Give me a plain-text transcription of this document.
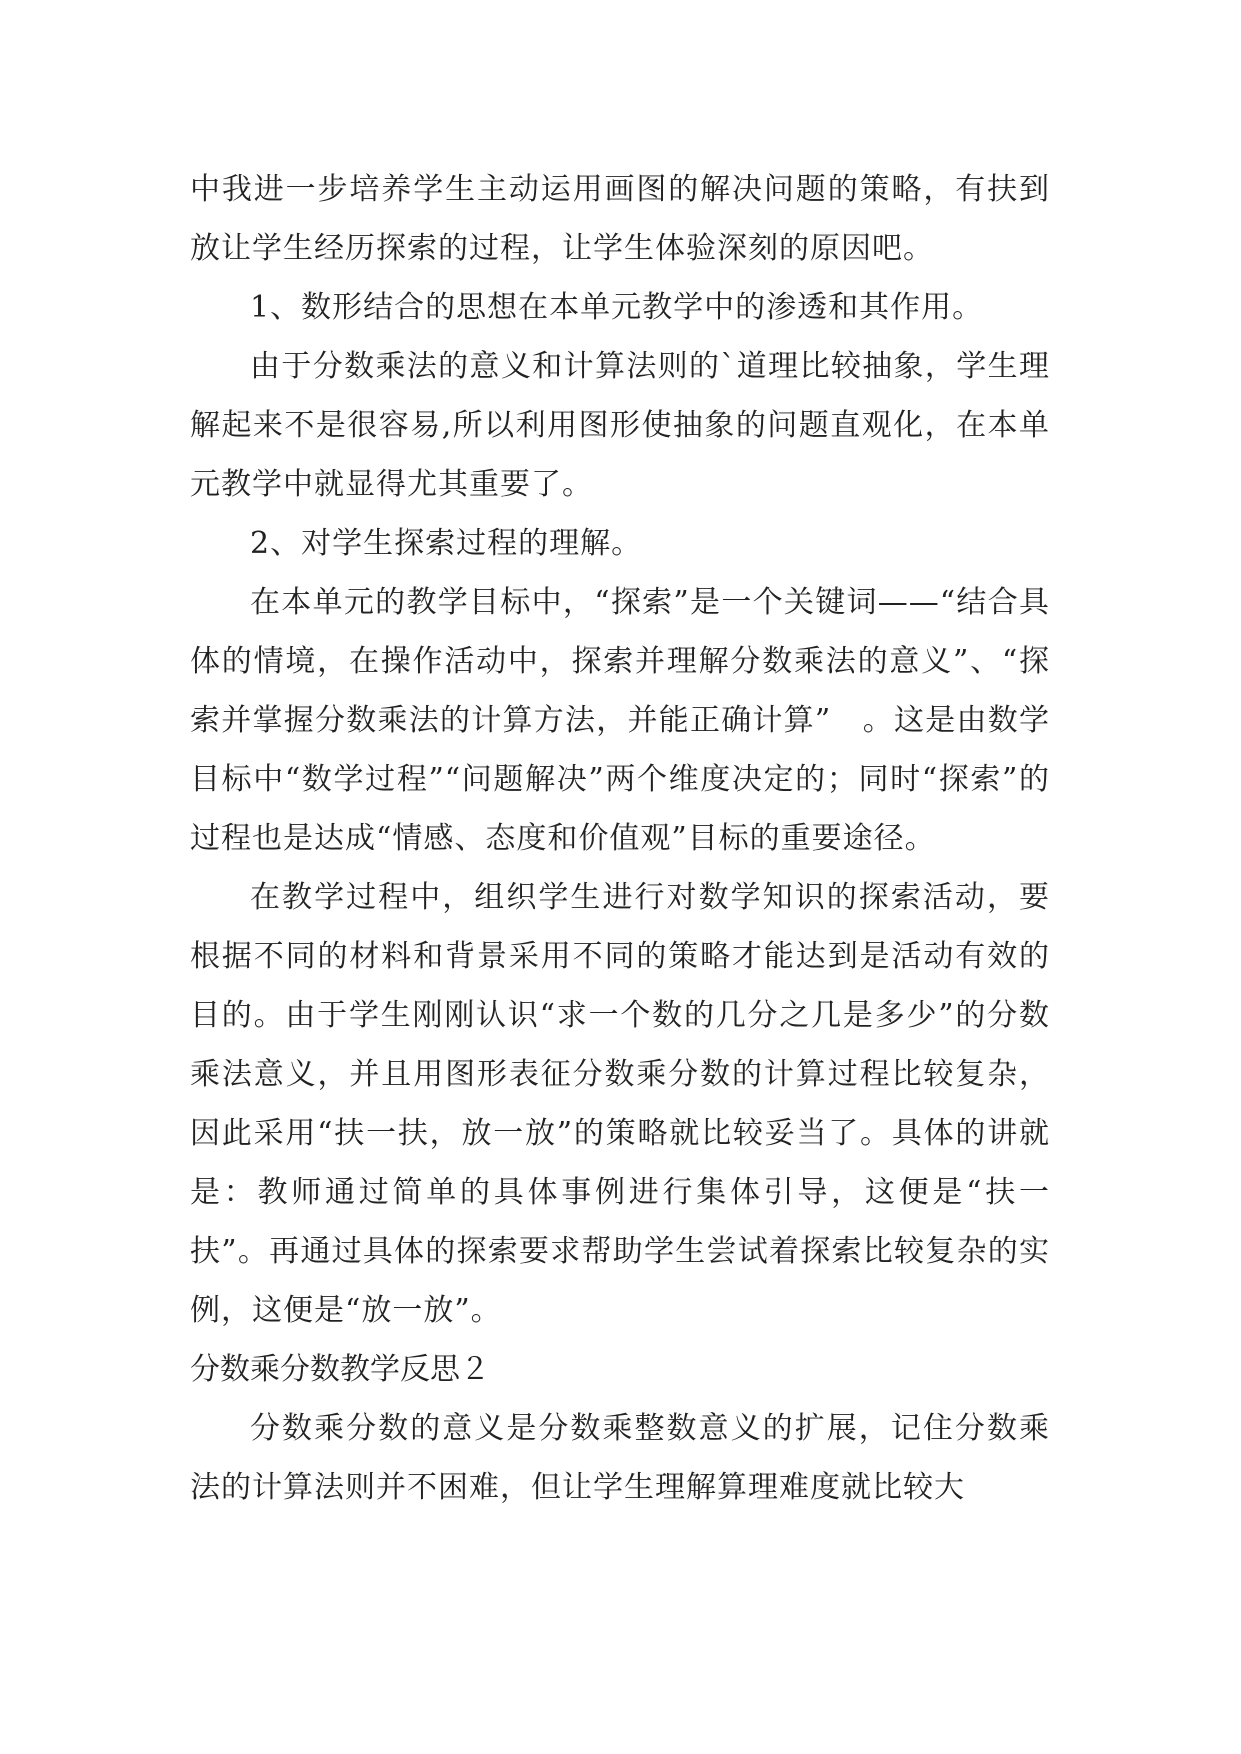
中我进一步培养学生主动运用画图的解决问题的策略，有扶到放让学生经历探索的过程，让学生体验深刻的原因吧。

1、数形结合的思想在本单元教学中的渗透和其作用。

由于分数乘法的意义和计算法则的`道理比较抽象，学生理解起来不是很容易,所以利用图形使抽象的问题直观化，在本单元教学中就显得尤其重要了。

2、对学生探索过程的理解。

在本单元的教学目标中，“探索”是一个关键词——“结合具体的情境，在操作活动中，探索并理解分数乘法的意义”、“探索并掌握分数乘法的计算方法，并能正确计算”　。这是由数学目标中“数学过程”“问题解决”两个维度决定的；同时“探索”的过程也是达成“情感、态度和价值观”目标的重要途径。

在教学过程中，组织学生进行对数学知识的探索活动，要根据不同的材料和背景采用不同的策略才能达到是活动有效的目的。由于学生刚刚认识“求一个数的几分之几是多少”的分数乘法意义，并且用图形表征分数乘分数的计算过程比较复杂，因此采用“扶一扶，放一放”的策略就比较妥当了。具体的讲就是：教师通过简单的具体事例进行集体引导，这便是“扶一扶”。再通过具体的探索要求帮助学生尝试着探索比较复杂的实例，这便是“放一放”。

分数乘分数教学反思２

分数乘分数的意义是分数乘整数意义的扩展，记住分数乘法的计算法则并不困难，但让学生理解算理难度就比较大
